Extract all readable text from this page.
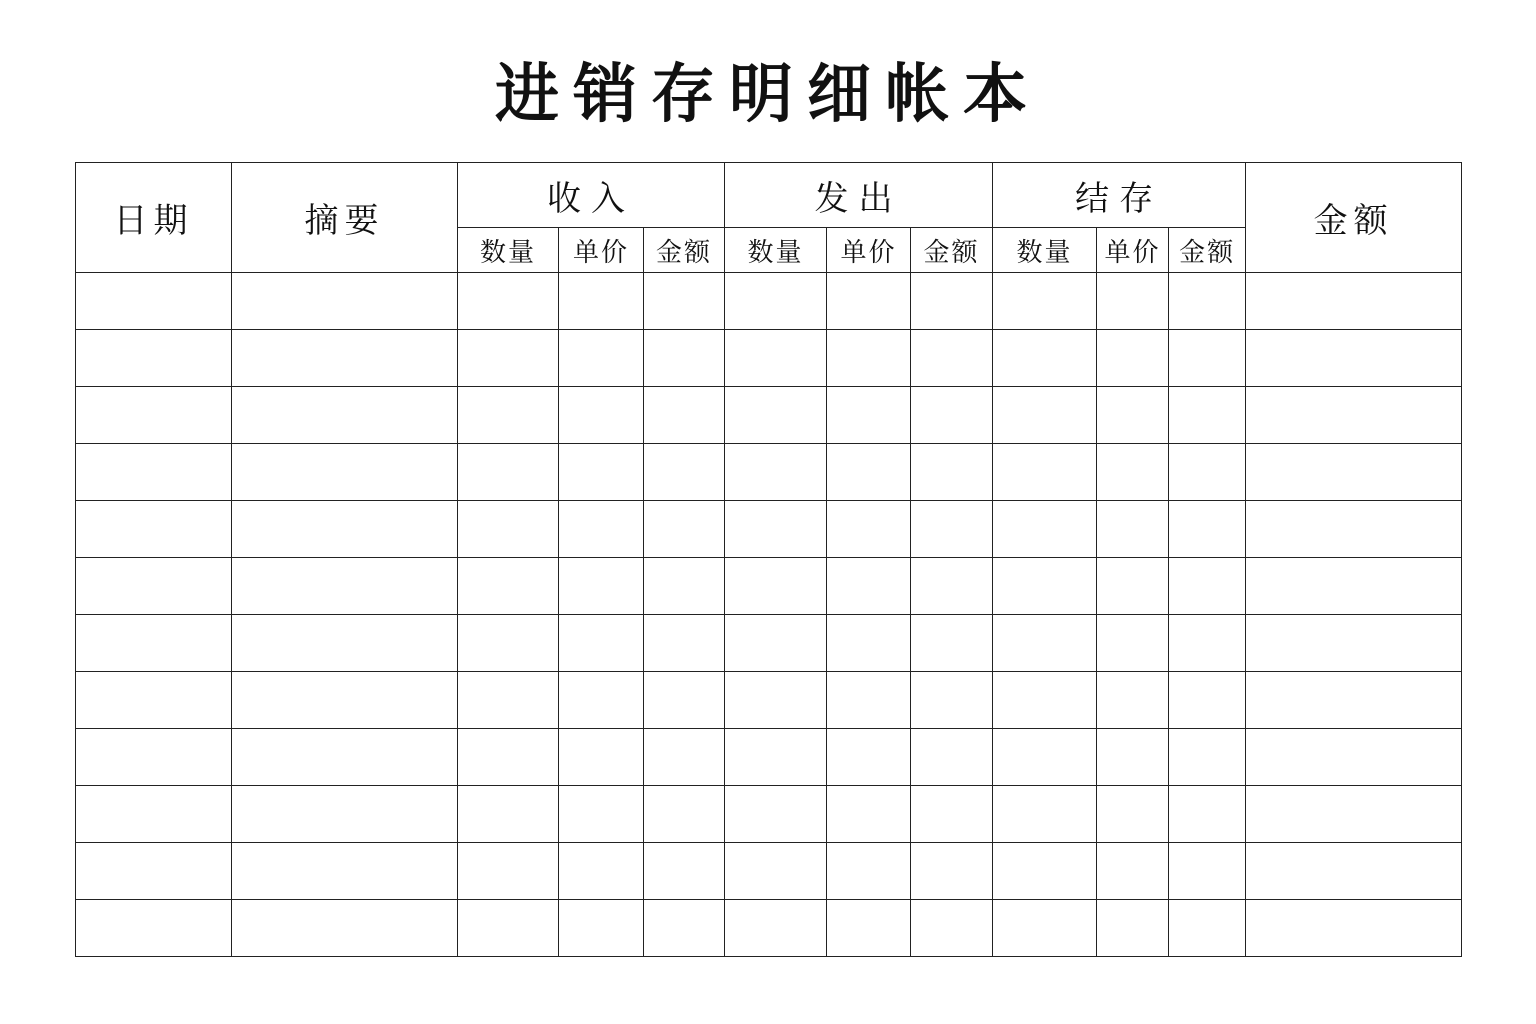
进销存明细帐本
日期	摘要	收入			发出			结存			金额
		数量	单价	金额	数量	单价	金额	数量	单价	金额	
